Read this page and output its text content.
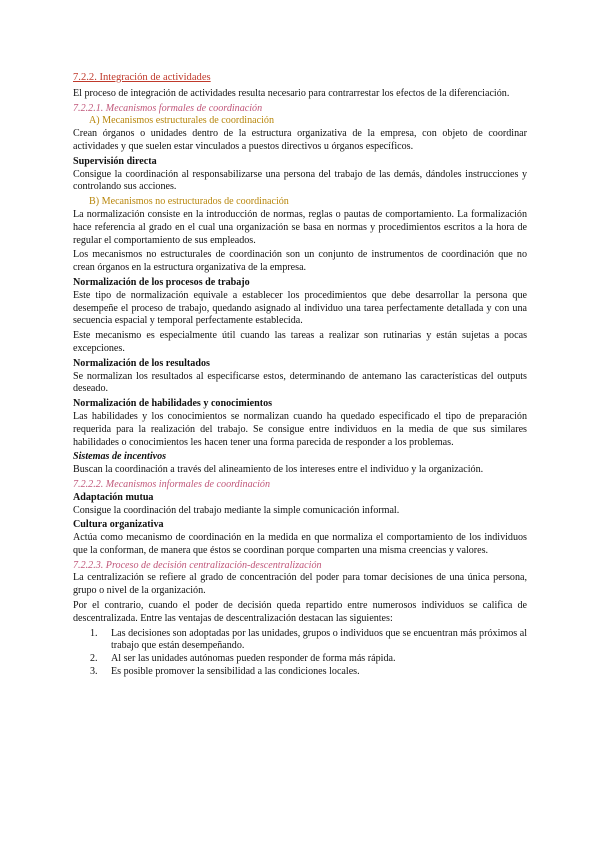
7.2.2. Integración de actividades

El proceso de integración de actividades resulta necesario para contrarrestar los efectos de la diferenciación.

7.2.2.1. Mecanismos formales de coordinación

A) Mecanismos estructurales de coordinación

Crean órganos o unidades dentro de la estructura organizativa de la empresa, con objeto de coordinar actividades y que suelen estar vinculados a puestos directivos u órganos específicos.

Supervisión directa

Consigue la coordinación al responsabilizarse una persona del trabajo de las demás, dándoles instrucciones y controlando sus acciones.

B) Mecanismos no estructurados de coordinación

La normalización consiste en la introducción de normas, reglas o pautas de comportamiento. La formalización hace referencia al grado en el cual una organización se basa en normas y procedimientos escritos a la hora de regular el comportamiento de sus empleados.

Los mecanismos no estructurales de coordinación son un conjunto de instrumentos de coordinación que no crean órganos en la estructura organizativa de la empresa.

Normalización de los procesos de trabajo

Este tipo de normalización equivale a establecer los procedimientos que debe desarrollar la persona que desempeñe el proceso de trabajo, quedando asignado al individuo una tarea perfectamente detallada y con una secuencia espacial y temporal perfectamente establecida.

Este mecanismo es especialmente útil cuando las tareas a realizar son rutinarias y están sujetas a pocas excepciones.

Normalización de los resultados

Se normalizan los resultados al especificarse estos, determinando de antemano las características del outputs deseado.

Normalización de habilidades y conocimientos

Las habilidades y los conocimientos se normalizan cuando ha quedado especificado el tipo de preparación requerida para la realización del trabajo. Se consigue entre individuos en la media de que sus similares habilidades o conocimientos les hacen tener una forma parecida de responder a los problemas.

Sistemas de incentivos

Buscan la coordinación a través del alineamiento de los intereses entre el individuo y la organización.

7.2.2.2. Mecanismos informales de coordinación

Adaptación mutua

Consigue la coordinación del trabajo mediante la simple comunicación informal.

Cultura organizativa

Actúa como mecanismo de coordinación en la medida en que normaliza el comportamiento de los individuos que la conforman, de manera que éstos se coordinan porque comparten una misma creencias y valores.

7.2.2.3. Proceso de decisión centralización-descentralización

La centralización se refiere al grado de concentración del poder para tomar decisiones de una única persona, grupo o nivel de la organización.

Por el contrario, cuando el poder de decisión queda repartido entre numerosos individuos se califica de descentralizada. Entre las ventajas de descentralización destacan las siguientes:

1.	Las decisiones son adoptadas por las unidades, grupos o individuos que se encuentran más próximos al trabajo que están desempeñando.
2.	Al ser las unidades autónomas pueden responder de forma más rápida.
3.	Es posible promover la sensibilidad a las condiciones locales.
